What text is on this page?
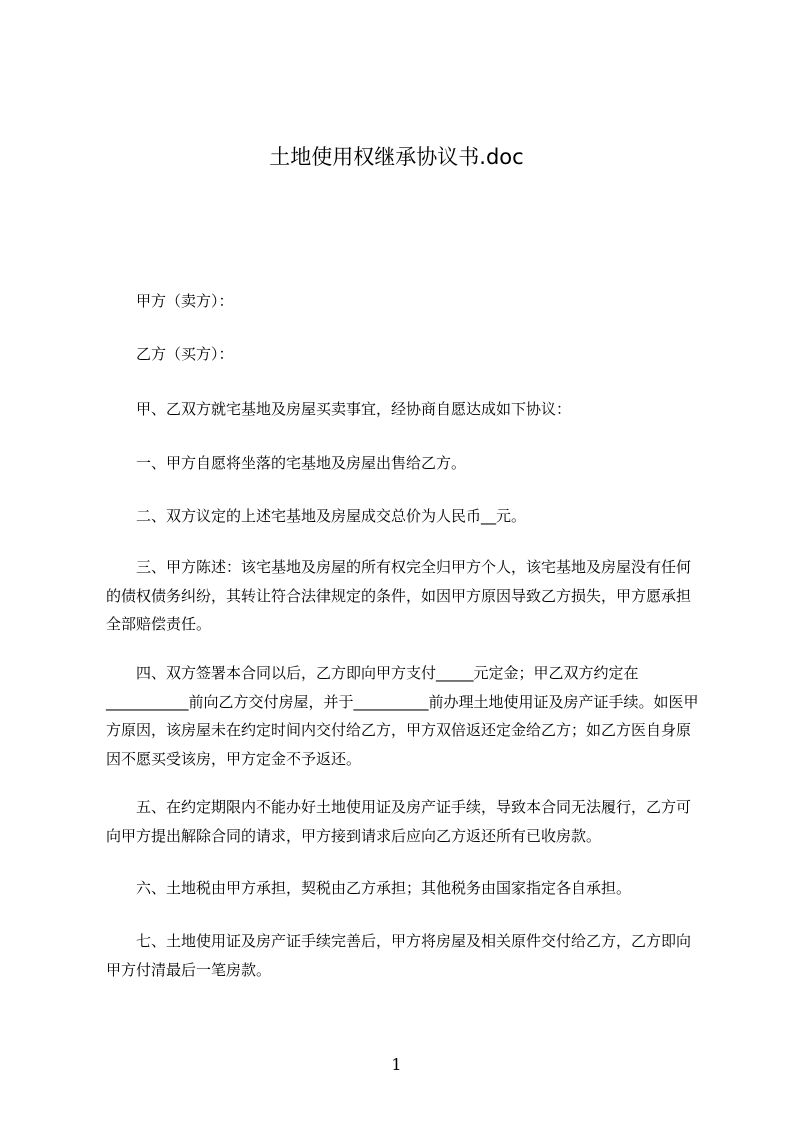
土地使用权继承协议书.doc

甲方（卖方）：

乙方（买方）：

甲、乙双方就宅基地及房屋买卖事宜，经协商自愿达成如下协议：

一、甲方自愿将坐落的宅基地及房屋出售给乙方。

二、双方议定的上述宅基地及房屋成交总价为人民币__元。

三、甲方陈述：该宅基地及房屋的所有权完全归甲方个人，该宅基地及房屋没有任何的债权债务纠纷，其转让符合法律规定的条件，如因甲方原因导致乙方损失，甲方愿承担全部赔偿责任。

四、双方签署本合同以后，乙方即向甲方支付_____元定金；甲乙双方约定在___________前向乙方交付房屋，并于__________前办理土地使用证及房产证手续。如医甲方原因，该房屋未在约定时间内交付给乙方，甲方双倍返还定金给乙方；如乙方医自身原因不愿买受该房，甲方定金不予返还。

五、在约定期限内不能办好土地使用证及房产证手续，导致本合同无法履行，乙方可向甲方提出解除合同的请求，甲方接到请求后应向乙方返还所有已收房款。

六、土地税由甲方承担，契税由乙方承担；其他税务由国家指定各自承担。

七、土地使用证及房产证手续完善后，甲方将房屋及相关原件交付给乙方，乙方即向甲方付清最后一笔房款。

1
